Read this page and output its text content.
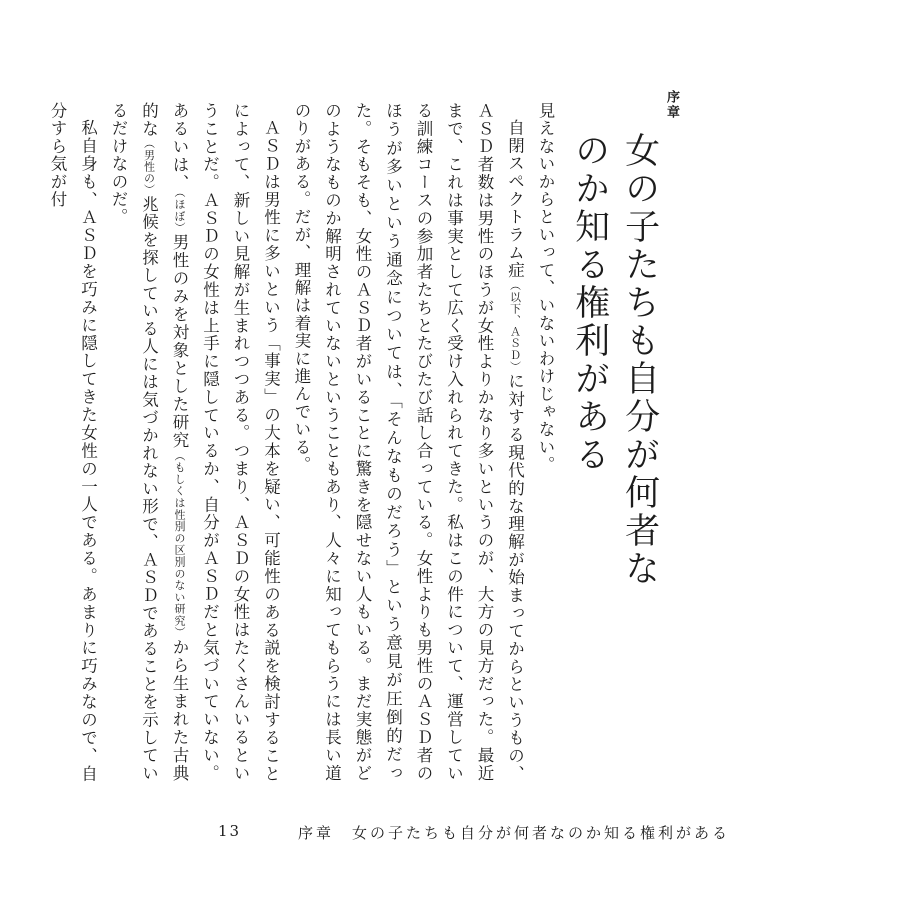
序章
女の子たちも自分が何者なのか知る権利がある

見えないからといって、いないわけじゃない。

自閉スペクトラム症（以下、ＡＳＤ）に対する現代的な理解が始まってからというもの、ＡＳＤ者数は男性のほうが女性よりかなり多いというのが、大方の見方だった。最近まで、これは事実として広く受け入れられてきた。私はこの件について、運営している訓練コースの参加者たちとたびたび話し合っている。女性よりも男性のＡＳＤ者のほうが多いという通念については、「そんなものだろう」という意見が圧倒的だった。そもそも、女性のＡＳＤ者がいることに驚きを隠せない人もいる。まだ実態がどのようなものか解明されていないということもあり、人々に知ってもらうには長い道のりがある。だが、理解は着実に進んでいる。

ＡＳＤは男性に多いという「事実」の大本を疑い、可能性のある説を検討することによって、新しい見解が生まれつつある。つまり、ＡＳＤの女性はたくさんいるということだ。ＡＳＤの女性は上手に隠しているか、自分がＡＳＤだと気づいていない。あるいは、（ほぼ）男性のみを対象とした研究（もしくは性別の区別のない研究）から生まれた古典的な（男性の）兆候を探している人には気づかれない形で、ＡＳＤであることを示しているだけなのだ。

私自身も、ＡＳＤを巧みに隠してきた女性の一人である。あまりに巧みなので、自分すら気が付

13	序章　女の子たちも自分が何者なのか知る権利がある
